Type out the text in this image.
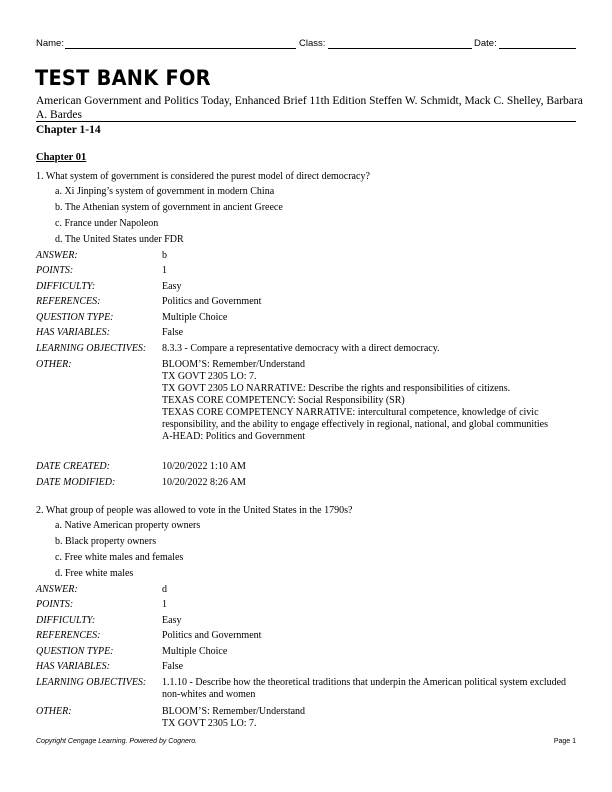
Name:	Class:	Date:
TEST BANK FOR
American Government and Politics Today, Enhanced Brief 11th Edition Steffen W. Schmidt, Mack C. Shelley, Barbara A. Bardes
Chapter 1-14
Chapter 01
1. What system of government is considered the purest model of direct democracy?
a. Xi Jinping’s system of government in modern China
b. The Athenian system of government in ancient Greece
c. France under Napoleon
d. The United States under FDR
ANSWER:	b
POINTS:	1
DIFFICULTY:	Easy
REFERENCES:	Politics and Government
QUESTION TYPE:	Multiple Choice
HAS VARIABLES:	False
LEARNING OBJECTIVES: 8.3.3 - Compare a representative democracy with a direct democracy.
OTHER:	BLOOM’S: Remember/Understand
TX GOVT 2305 LO: 7.
TX GOVT 2305 LO NARRATIVE: Describe the rights and responsibilities of citizens.
TEXAS CORE COMPETENCY: Social Responsibility (SR)
TEXAS CORE COMPETENCY NARRATIVE: intercultural competence, knowledge of civic responsibility, and the ability to engage effectively in regional, national, and global communities
A-HEAD: Politics and Government
DATE CREATED:	10/20/2022 1:10 AM
DATE MODIFIED:	10/20/2022 8:26 AM
2. What group of people was allowed to vote in the United States in the 1790s?
a. Native American property owners
b. Black property owners
c. Free white males and females
d. Free white males
ANSWER:	d
POINTS:	1
DIFFICULTY:	Easy
REFERENCES:	Politics and Government
QUESTION TYPE:	Multiple Choice
HAS VARIABLES:	False
LEARNING OBJECTIVES: 1.1.10 - Describe how the theoretical traditions that underpin the American political system excluded non-whites and women
OTHER:	BLOOM’S: Remember/Understand
TX GOVT 2305 LO: 7.
Copyright Cengage Learning. Powered by Cognero.	Page 1
